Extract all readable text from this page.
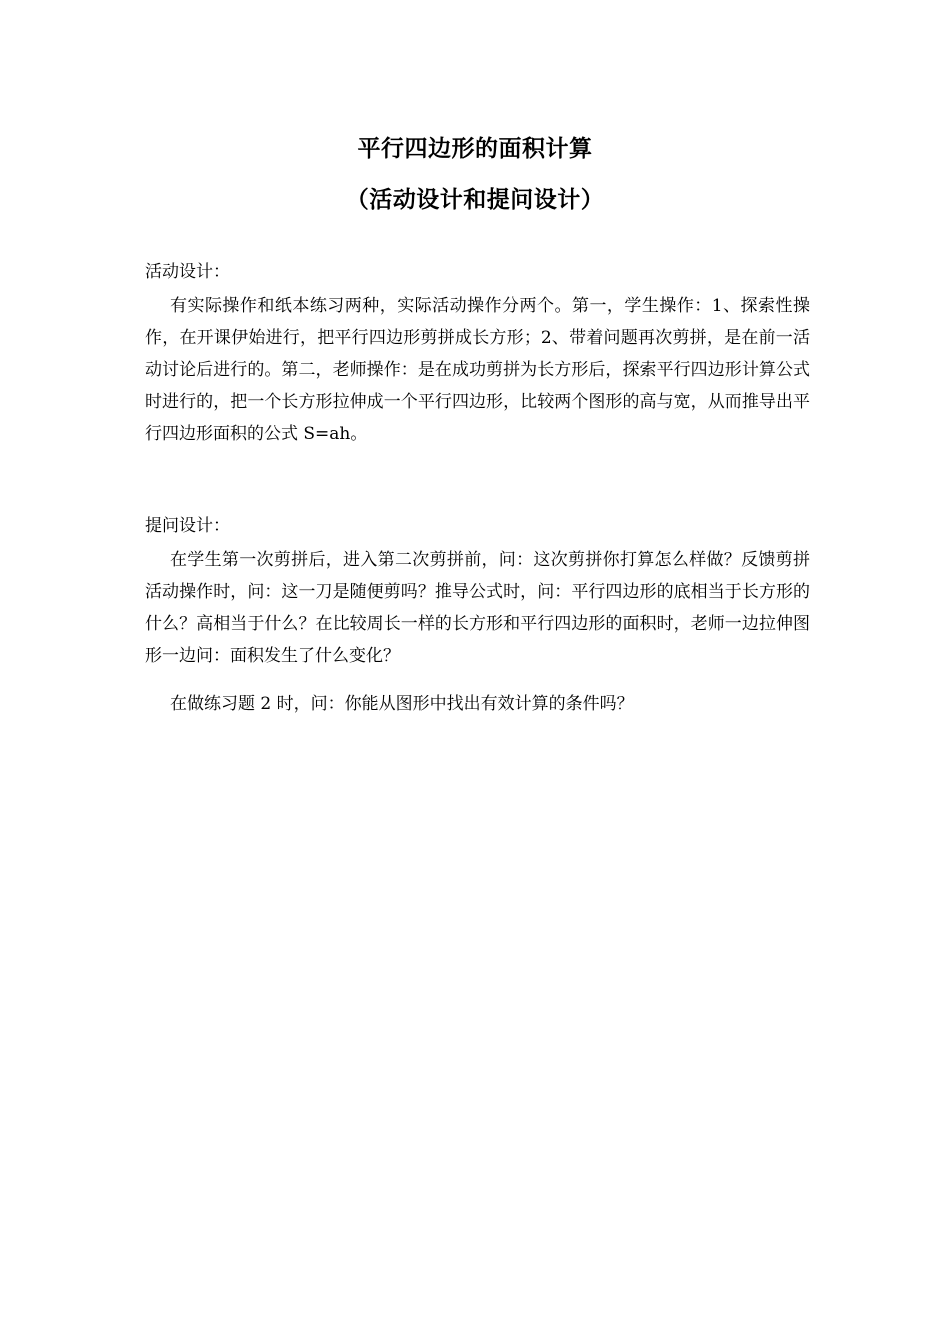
平行四边形的面积计算
（活动设计和提问设计）

活动设计：

有实际操作和纸本练习两种，实际活动操作分两个。第一，学生操作：1、探索性操作，在开课伊始进行，把平行四边形剪拼成长方形；2、带着问题再次剪拼，是在前一活动讨论后进行的。第二，老师操作：是在成功剪拼为长方形后，探索平行四边形计算公式时进行的，把一个长方形拉伸成一个平行四边形，比较两个图形的高与宽，从而推导出平行四边形面积的公式 S=ah。

提问设计：

在学生第一次剪拼后，进入第二次剪拼前，问：这次剪拼你打算怎么样做？反馈剪拼活动操作时，问：这一刀是随便剪吗？推导公式时，问：平行四边形的底相当于长方形的什么？高相当于什么？在比较周长一样的长方形和平行四边形的面积时，老师一边拉伸图形一边问：面积发生了什么变化？

在做练习题 2 时，问：你能从图形中找出有效计算的条件吗？
